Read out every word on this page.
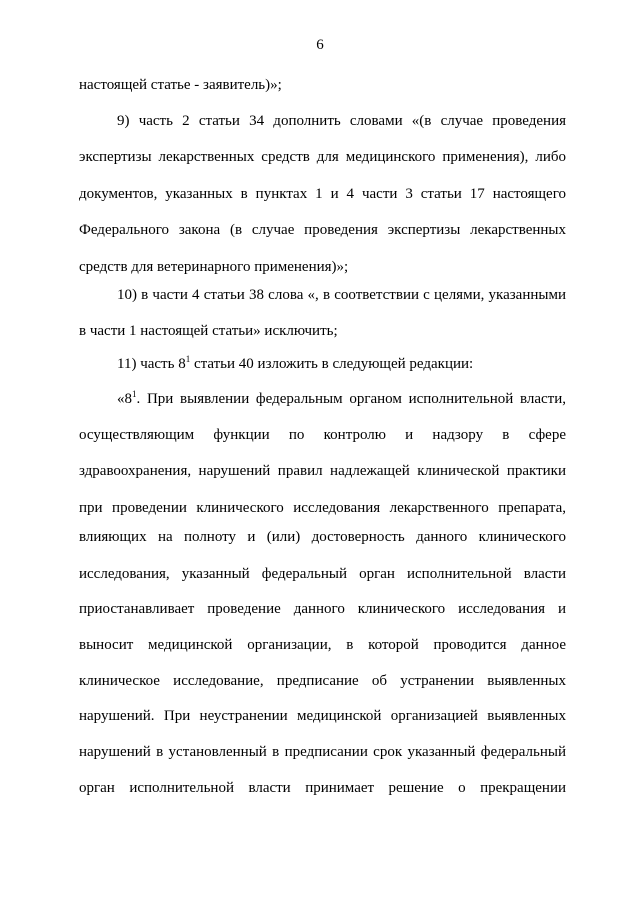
6
настоящей статье - заявитель)»;
9) часть 2 статьи 34 дополнить словами «(в случае проведения
экспертизы лекарственных средств для медицинского применения), либо
документов, указанных в пунктах 1 и 4 части 3 статьи 17 настоящего
Федерального закона (в случае проведения экспертизы лекарственных
средств для ветеринарного применения)»;
10) в части 4 статьи 38 слова «, в соответствии с целями, указанными
в части 1 настоящей статьи» исключить;
11) часть $8^1$ статьи 40 изложить в следующей редакции:
«$8^1$. При выявлении федеральным органом исполнительной власти,
осуществляющим функции по контролю и надзору в сфере
здравоохранения, нарушений правил надлежащей клинической практики
при проведении клинического исследования лекарственного препарата,
влияющих на полноту и (или) достоверность данного клинического
исследования, указанный федеральный орган исполнительной власти
приостанавливает проведение данного клинического исследования и
выносит медицинской организации, в которой проводится данное
клиническое исследование, предписание об устранении выявленных
нарушений. При неустранении медицинской организацией выявленных
нарушений в установленный в предписании срок указанный федеральный
орган исполнительной власти принимает решение о прекращении
